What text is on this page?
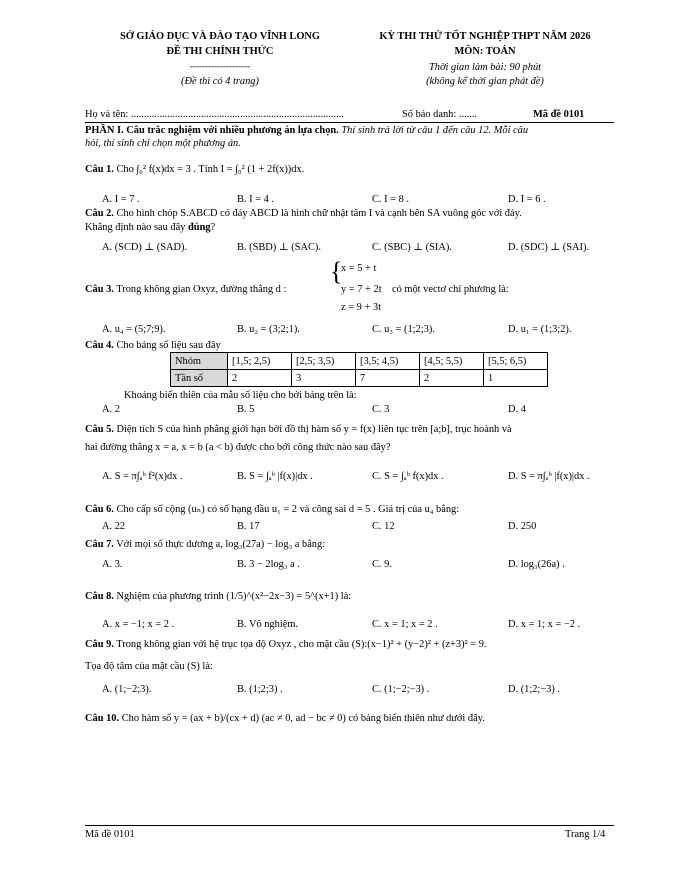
SỞ GIÁO DỤC VÀ ĐÀO TẠO VĨNH LONG
ĐỀ THI CHÍNH THỨC
--------------------
(Đề thi có 4 trang)
KỲ THI THỬ TỐT NGHIỆP THPT NĂM 2026
MÔN: TOÁN
Thời gian làm bài: 90 phút
(không kể thời gian phát đề)
Họ và tên: ..................................................................................	Số báo danh: .......	Mã đề 0101
PHẦN I. Câu trắc nghiệm với nhiều phương án lựa chọn. Thí sinh trả lời từ câu 1 đến câu 12. Mỗi câu
hỏi, thí sinh chỉ chọn một phương án.
Câu 1. Cho ∫₀² f(x)dx = 3 . Tính I = ∫₀² (1 + 2f(x))dx.
A. I = 7 .	B. I = 4 .	C. I = 8 .	D. I = 6 .
Câu 2. Cho hình chóp S.ABCD có đáy ABCD là hình chữ nhật tâm I và cạnh bên SA vuông góc với đáy.
Khẳng định nào sau đây đúng?
A. (SCD) ⊥ (SAD).	B. (SBD) ⊥ (SAC).	C. (SBC) ⊥ (SIA).	D. (SDC) ⊥ (SAI).
Câu 3. Trong không gian Oxyz, đường thẳng d :
{
x = 5 + t
y = 7 + 2t
z = 9 + 3t
có một vectơ chỉ phương là:
A. u₄ = (5;7;9).	B. u₂ = (3;2;1).	C. u₃ = (1;2;3).	D. u₁ = (1;3;2).
Câu 4. Cho bảng số liệu sau đây
Nhóm	[1,5; 2,5)	[2,5; 3,5)	[3,5; 4,5)	[4,5; 5,5)	[5,5; 6,5)
Tần số	2	3	7	2	1
Khoảng biến thiên của mẫu số liệu cho bởi bảng trên là:
A. 2	B. 5	C. 3	D. 4
Câu 5. Diện tích S của hình phẳng giới hạn bởi đồ thị hàm số y = f(x) liên tục trên [a;b], trục hoành và
hai đường thẳng x = a, x = b (a < b) được cho bởi công thức nào sau đây?
A. S = π∫ₐᵇ f²(x)dx .	B. S = ∫ₐᵇ |f(x)|dx .	C. S = ∫ₐᵇ f(x)dx .	D. S = π∫ₐᵇ |f(x)|dx .
Câu 6. Cho cấp số cộng (uₙ) có số hạng đầu u₁ = 2 và công sai d = 5 . Giá trị của u₄ bằng:
A. 22	B. 17	C. 12	D. 250
Câu 7. Với mọi số thực dương a, log₃(27a) − log₃ a bằng:
A. 3.	B. 3 − 2log₃ a .	C. 9.	D. log₃(26a) .
Câu 8. Nghiệm của phương trình (1/5)^(x²−2x−3) = 5^(x+1) là:
A. x = −1; x = 2 .	B. Vô nghiệm.	C. x = 1; x = 2 .	D. x = 1; x = −2 .
Câu 9. Trong không gian với hệ trục tọa độ Oxyz , cho mặt cầu (S):(x−1)² + (y−2)² + (z+3)² = 9.
Tọa độ tâm của mặt cầu (S) là:
A. (1;−2;3).	B. (1;2;3) .	C. (1;−2;−3) .	D. (1;2;−3) .
Câu 10. Cho hàm số y = (ax + b)/(cx + d) (ac ≠ 0, ad − bc ≠ 0) có bảng biến thiên như dưới đây.
Mã đề 0101	Trang 1/4
